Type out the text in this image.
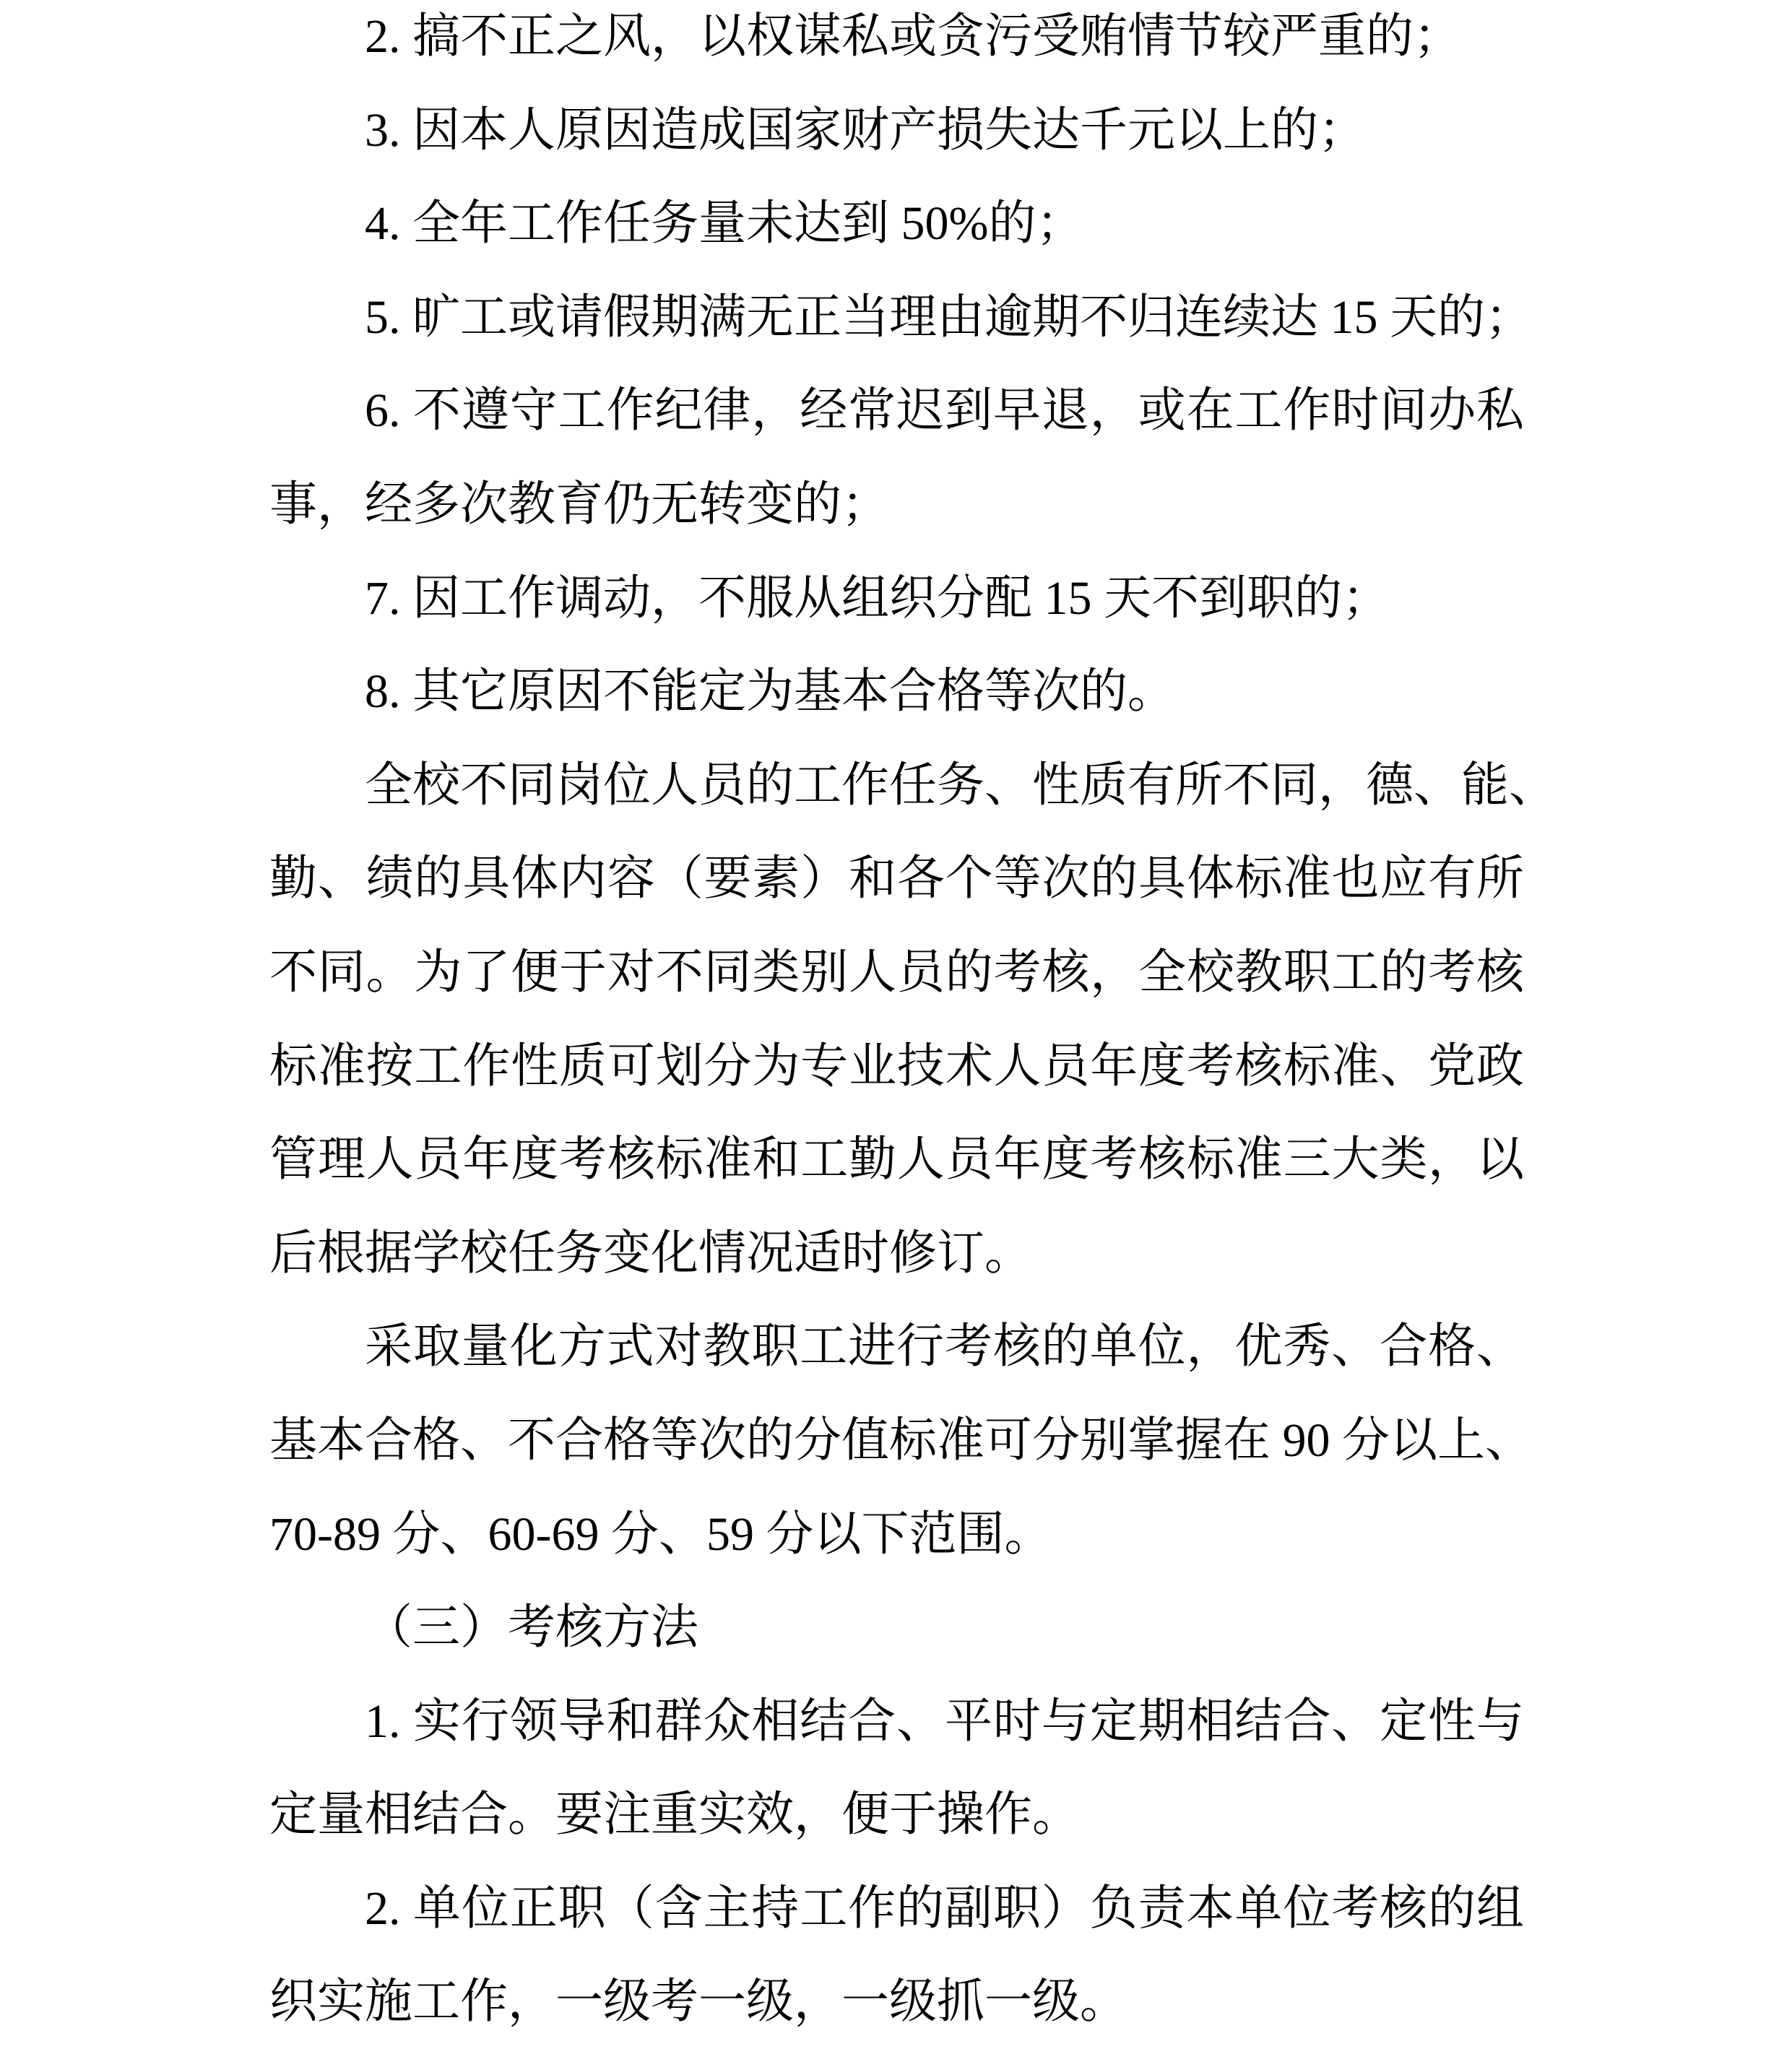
2. 搞不正之风，以权谋私或贪污受贿情节较严重的；
3. 因本人原因造成国家财产损失达千元以上的；
4. 全年工作任务量未达到 50%的；
5. 旷工或请假期满无正当理由逾期不归连续达 15 天的；
6. 不遵守工作纪律，经常迟到早退，或在工作时间办私
事，经多次教育仍无转变的；
7. 因工作调动，不服从组织分配 15 天不到职的；
8. 其它原因不能定为基本合格等次的。
全校不同岗位人员的工作任务、性质有所不同，德、能、
勤、绩的具体内容（要素）和各个等次的具体标准也应有所
不同。为了便于对不同类别人员的考核，全校教职工的考核
标准按工作性质可划分为专业技术人员年度考核标准、党政
管理人员年度考核标准和工勤人员年度考核标准三大类，以
后根据学校任务变化情况适时修订。
采取量化方式对教职工进行考核的单位，优秀、合格、
基本合格、不合格等次的分值标准可分别掌握在 90 分以上、
70-89 分、60-69 分、59 分以下范围。
（三）考核方法
1. 实行领导和群众相结合、平时与定期相结合、定性与
定量相结合。要注重实效，便于操作。
2. 单位正职（含主持工作的副职）负责本单位考核的组
织实施工作，一级考一级，一级抓一级。
